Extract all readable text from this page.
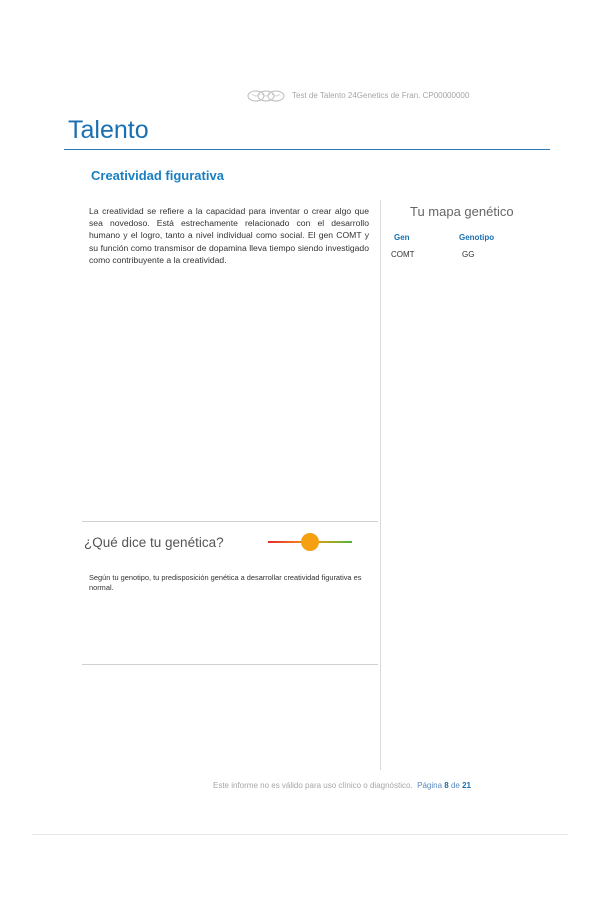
Test de Talento 24Genetics de Fran. CP00000000
Talento
Creatividad figurativa

La creatividad se refiere a la capacidad para inventar o crear algo que sea novedoso. Está estrechamente relacionado con el desarrollo humano y el logro, tanto a nivel individual como social. El gen COMT y su función como transmisor de dopamina lleva tiempo siendo investigado como contribuyente a la creatividad.

Tu mapa genético
Gen	Genotipo
COMT	GG
¿Qué dice tu genética?

Según tu genotipo, tu predisposición genética a desarrollar creatividad figurativa es normal.

Este informe no es válido para uso clínico o diagnóstico. Página 8 de 21
